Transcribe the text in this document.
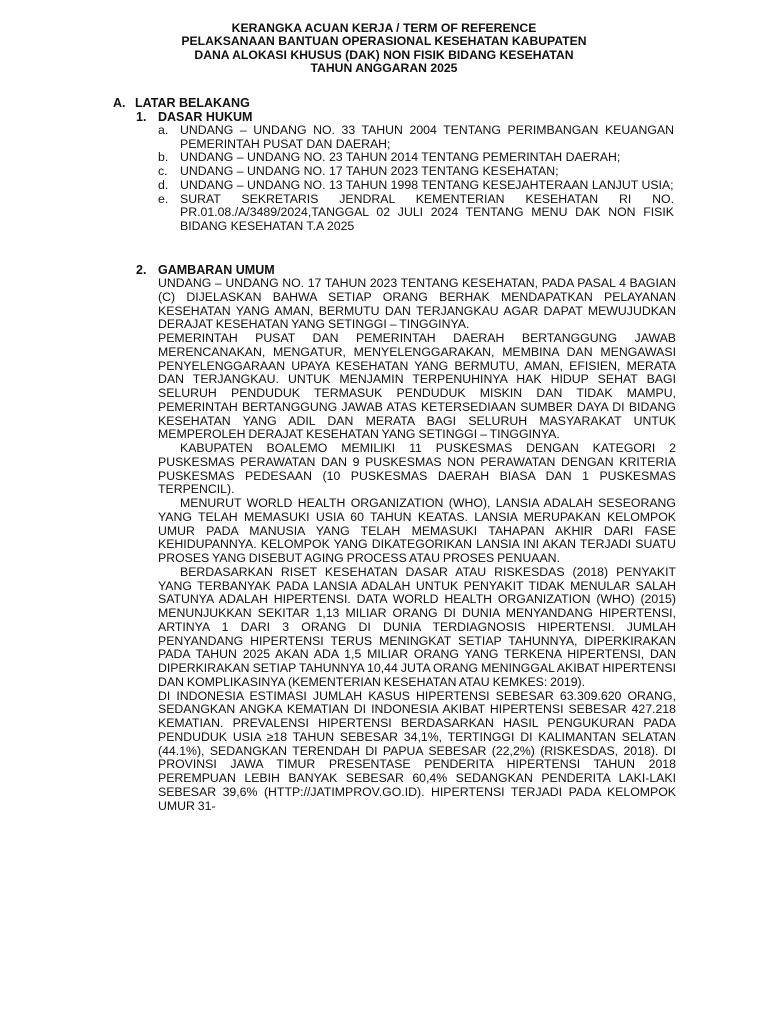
KERANGKA ACUAN KERJA / TERM OF REFERENCE
PELAKSANAAN BANTUAN OPERASIONAL KESEHATAN KABUPATEN
DANA ALOKASI KHUSUS (DAK) NON FISIK BIDANG KESEHATAN
TAHUN ANGGARAN 2025
A. LATAR BELAKANG
1. DASAR HUKUM
a. UNDANG – UNDANG NO. 33 TAHUN 2004 TENTANG PERIMBANGAN KEUANGAN PEMERINTAH PUSAT DAN DAERAH;
b. UNDANG – UNDANG NO. 23 TAHUN 2014 TENTANG PEMERINTAH DAERAH;
c. UNDANG – UNDANG NO. 17 TAHUN 2023 TENTANG KESEHATAN;
d. UNDANG – UNDANG NO. 13 TAHUN 1998 TENTANG KESEJAHTERAAN LANJUT USIA;
e. SURAT SEKRETARIS JENDRAL KEMENTERIAN KESEHATAN RI NO. PR.01.08./A/3489/2024,TANGGAL 02 JULI 2024 TENTANG MENU DAK NON FISIK BIDANG KESEHATAN T.A 2025
2. GAMBARAN UMUM

UNDANG – UNDANG NO. 17 TAHUN 2023 TENTANG KESEHATAN, PADA PASAL 4 BAGIAN (C) DIJELASKAN BAHWA SETIAP ORANG BERHAK MENDAPATKAN PELAYANAN KESEHATAN YANG AMAN, BERMUTU DAN TERJANGKAU AGAR DAPAT MEWUJUDKAN DERAJAT KESEHATAN YANG SETINGGI – TINGGINYA.

PEMERINTAH PUSAT DAN PEMERINTAH DAERAH BERTANGGUNG JAWAB MERENCANAKAN, MENGATUR, MENYELENGGARAKAN, MEMBINA DAN MENGAWASI PENYELENGGARAAN UPAYA KESEHATAN YANG BERMUTU, AMAN, EFISIEN, MERATA DAN TERJANGKAU. UNTUK MENJAMIN TERPENUHINYA HAK HIDUP SEHAT BAGI SELURUH PENDUDUK TERMASUK PENDUDUK MISKIN DAN TIDAK MAMPU, PEMERINTAH BERTANGGUNG JAWAB ATAS KETERSEDIAAN SUMBER DAYA DI BIDANG KESEHATAN YANG ADIL DAN MERATA BAGI SELURUH MASYARAKAT UNTUK MEMPEROLEH DERAJAT KESEHATAN YANG SETINGGI – TINGGINYA.

KABUPATEN BOALEMO MEMILIKI 11 PUSKESMAS DENGAN KATEGORI 2 PUSKESMAS PERAWATAN DAN 9 PUSKESMAS NON PERAWATAN DENGAN KRITERIA PUSKESMAS PEDESAAN (10 PUSKESMAS DAERAH BIASA DAN 1 PUSKESMAS TERPENCIL).

MENURUT WORLD HEALTH ORGANIZATION (WHO), LANSIA ADALAH SESEORANG YANG TELAH MEMASUKI USIA 60 TAHUN KEATAS. LANSIA MERUPAKAN KELOMPOK UMUR PADA MANUSIA YANG TELAH MEMASUKI TAHAPAN AKHIR DARI FASE KEHIDUPANNYA. KELOMPOK YANG DIKATEGORIKAN LANSIA INI AKAN TERJADI SUATU PROSES YANG DISEBUT AGING PROCESS ATAU PROSES PENUAAN.

BERDASARKAN RISET KESEHATAN DASAR ATAU RISKESDAS (2018) PENYAKIT YANG TERBANYAK PADA LANSIA ADALAH UNTUK PENYAKIT TIDAK MENULAR SALAH SATUNYA ADALAH HIPERTENSI. DATA WORLD HEALTH ORGANIZATION (WHO) (2015) MENUNJUKKAN SEKITAR 1,13 MILIAR ORANG DI DUNIA MENYANDANG HIPERTENSI, ARTINYA 1 DARI 3 ORANG DI DUNIA TERDIAGNOSIS HIPERTENSI. JUMLAH PENYANDANG HIPERTENSI TERUS MENINGKAT SETIAP TAHUNNYA, DIPERKIRAKAN PADA TAHUN 2025 AKAN ADA 1,5 MILIAR ORANG YANG TERKENA HIPERTENSI, DAN DIPERKIRAKAN SETIAP TAHUNNYA 10,44 JUTA ORANG MENINGGAL AKIBAT HIPERTENSI DAN KOMPLIKASINYA (KEMENTERIAN KESEHATAN ATAU KEMKES: 2019).

DI INDONESIA ESTIMASI JUMLAH KASUS HIPERTENSI SEBESAR 63.309.620 ORANG, SEDANGKAN ANGKA KEMATIAN DI INDONESIA AKIBAT HIPERTENSI SEBESAR 427.218 KEMATIAN. PREVALENSI HIPERTENSI BERDASARKAN HASIL PENGUKURAN PADA PENDUDUK USIA ≥18 TAHUN SEBESAR 34,1%, TERTINGGI DI KALIMANTAN SELATAN (44.1%), SEDANGKAN TERENDAH DI PAPUA SEBESAR (22,2%) (RISKESDAS, 2018). DI PROVINSI JAWA TIMUR PRESENTASE PENDERITA HIPERTENSI TAHUN 2018 PEREMPUAN LEBIH BANYAK SEBESAR 60,4% SEDANGKAN PENDERITA LAKI-LAKI SEBESAR 39,6% (HTTP://JATIMPROV.GO.ID). HIPERTENSI TERJADI PADA KELOMPOK UMUR 31-
